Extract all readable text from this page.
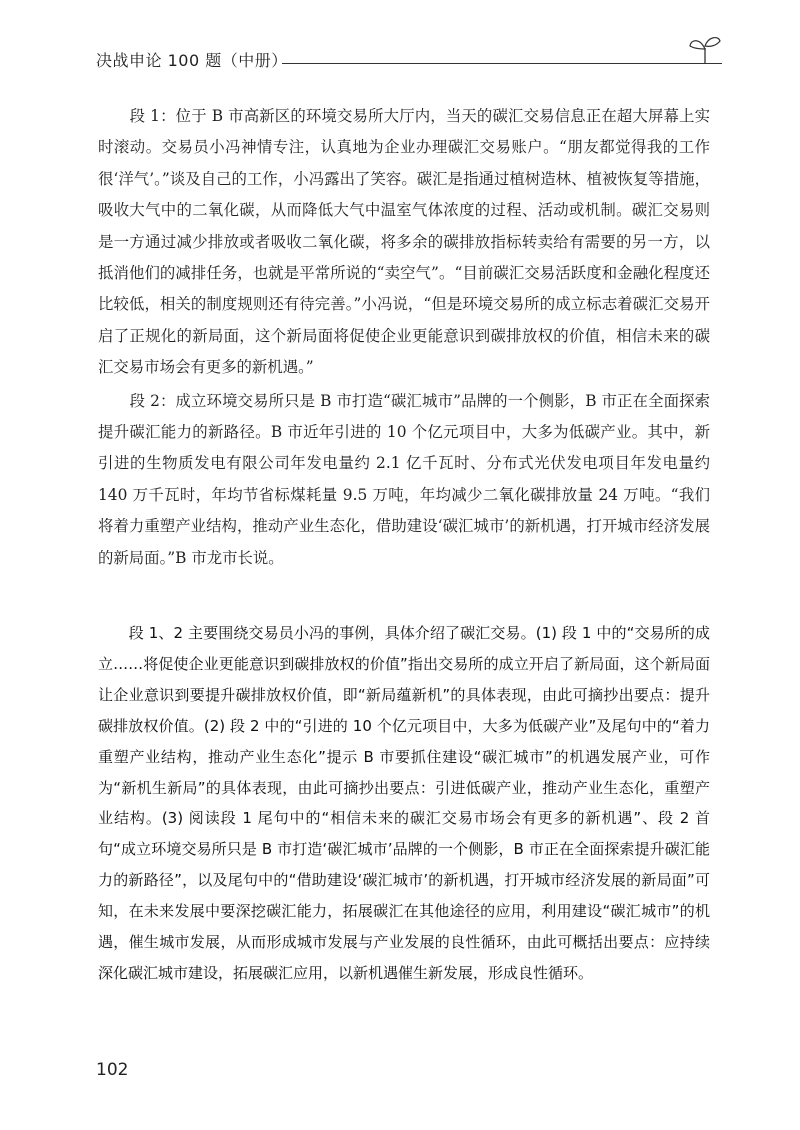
决战申论 100 题（中册）

段 1：位于 B 市高新区的环境交易所大厅内，当天的碳汇交易信息正在超大屏幕上实时滚动。交易员小冯神情专注，认真地为企业办理碳汇交易账户。“朋友都觉得我的工作很‘洋气’。”谈及自己的工作，小冯露出了笑容。碳汇是指通过植树造林、植被恢复等措施，吸收大气中的二氧化碳，从而降低大气中温室气体浓度的过程、活动或机制。碳汇交易则是一方通过减少排放或者吸收二氧化碳，将多余的碳排放指标转卖给有需要的另一方，以抵消他们的减排任务，也就是平常所说的“卖空气”。“目前碳汇交易活跃度和金融化程度还比较低，相关的制度规则还有待完善。”小冯说，“但是环境交易所的成立标志着碳汇交易开启了正规化的新局面，这个新局面将促使企业更能意识到碳排放权的价值，相信未来的碳汇交易市场会有更多的新机遇。”

段 2：成立环境交易所只是 B 市打造“碳汇城市”品牌的一个侧影，B 市正在全面探索提升碳汇能力的新路径。B 市近年引进的 10 个亿元项目中，大多为低碳产业。其中，新引进的生物质发电有限公司年发电量约 2.1 亿千瓦时、分布式光伏发电项目年发电量约 140 万千瓦时，年均节省标煤耗量 9.5 万吨，年均减少二氧化碳排放量 24 万吨。“我们将着力重塑产业结构，推动产业生态化，借助建设‘碳汇城市’的新机遇，打开城市经济发展的新局面。”B 市龙市长说。

段 1、2 主要围绕交易员小冯的事例，具体介绍了碳汇交易。(1) 段 1 中的“交易所的成立……将促使企业更能意识到碳排放权的价值”指出交易所的成立开启了新局面，这个新局面让企业意识到要提升碳排放权价值，即“新局蕴新机”的具体表现，由此可摘抄出要点：提升碳排放权价值。(2) 段 2 中的“引进的 10 个亿元项目中，大多为低碳产业”及尾句中的“着力重塑产业结构，推动产业生态化”提示 B 市要抓住建设“碳汇城市”的机遇发展产业，可作为“新机生新局”的具体表现，由此可摘抄出要点：引进低碳产业，推动产业生态化，重塑产业结构。(3) 阅读段 1 尾句中的“相信未来的碳汇交易市场会有更多的新机遇”、段 2 首句“成立环境交易所只是 B 市打造‘碳汇城市’品牌的一个侧影，B 市正在全面探索提升碳汇能力的新路径”，以及尾句中的“借助建设‘碳汇城市’的新机遇，打开城市经济发展的新局面”可知，在未来发展中要深挖碳汇能力，拓展碳汇在其他途径的应用，利用建设“碳汇城市”的机遇，催生城市发展，从而形成城市发展与产业发展的良性循环，由此可概括出要点：应持续深化碳汇城市建设，拓展碳汇应用，以新机遇催生新发展，形成良性循环。

102
